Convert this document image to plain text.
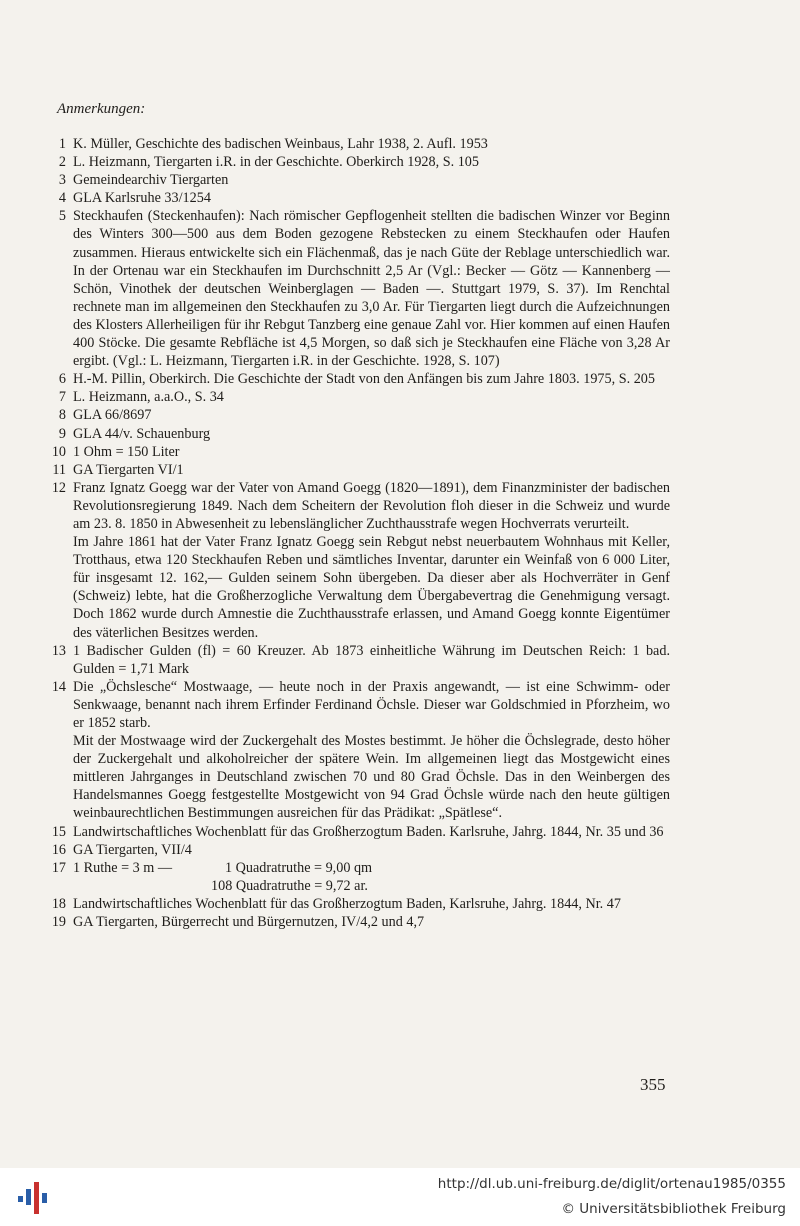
Anmerkungen:
1 K. Müller, Geschichte des badischen Weinbaus, Lahr 1938, 2. Aufl. 1953
2 L. Heizmann, Tiergarten i.R. in der Geschichte. Oberkirch 1928, S. 105
3 Gemeindearchiv Tiergarten
4 GLA Karlsruhe 33/1254
5 Steckhaufen (Steckenhaufen): Nach römischer Gepflogenheit stellten die badischen Winzer vor Beginn des Winters 300—500 aus dem Boden gezogene Rebstecken zu einem Steckhaufen oder Haufen zusammen. Hieraus entwickelte sich ein Flächenmaß, das je nach Güte der Reblage unterschiedlich war. In der Ortenau war ein Steckhaufen im Durchschnitt 2,5 Ar (Vgl.: Becker — Götz — Kannenberg — Schön, Vinothek der deutschen Weinberglagen — Baden —. Stuttgart 1979, S. 37). Im Renchtal rechnete man im allgemeinen den Steckhaufen zu 3,0 Ar. Für Tiergarten liegt durch die Aufzeichnungen des Klosters Allerheiligen für ihr Rebgut Tanzberg eine genaue Zahl vor. Hier kommen auf einen Haufen 400 Stöcke. Die gesamte Rebfläche ist 4,5 Morgen, so daß sich je Steckhaufen eine Fläche von 3,28 Ar ergibt. (Vgl.: L. Heizmann, Tiergarten i.R. in der Geschichte. 1928, S. 107)
6 H.-M. Pillin, Oberkirch. Die Geschichte der Stadt von den Anfängen bis zum Jahre 1803. 1975, S. 205
7 L. Heizmann, a.a.O., S. 34
8 GLA 66/8697
9 GLA 44/v. Schauenburg
10 1 Ohm = 150 Liter
11 GA Tiergarten VI/1
12 Franz Ignatz Goegg war der Vater von Amand Goegg (1820—1891), dem Finanzminister der badischen Revolutionsregierung 1849. Nach dem Scheitern der Revolution floh dieser in die Schweiz und wurde am 23. 8. 1850 in Abwesenheit zu lebenslänglicher Zuchthausstrafe wegen Hochverrats verurteilt.
Im Jahre 1861 hat der Vater Franz Ignatz Goegg sein Rebgut nebst neuerbautem Wohnhaus mit Keller, Trotthaus, etwa 120 Steckhaufen Reben und sämtliches Inventar, darunter ein Weinfaß von 6 000 Liter, für insgesamt 12. 162,— Gulden seinem Sohn übergeben. Da dieser aber als Hochverräter in Genf (Schweiz) lebte, hat die Großherzogliche Verwaltung dem Übergabevertrag die Genehmigung versagt. Doch 1862 wurde durch Amnestie die Zuchthausstrafe erlassen, und Amand Goegg konnte Eigentümer des väterlichen Besitzes werden.
13 1 Badischer Gulden (fl) = 60 Kreuzer. Ab 1873 einheitliche Währung im Deutschen Reich: 1 bad. Gulden = 1,71 Mark
14 Die „Öchslesche“ Mostwaage, — heute noch in der Praxis angewandt, — ist eine Schwimm- oder Senkwaage, benannt nach ihrem Erfinder Ferdinand Öchsle. Dieser war Goldschmied in Pforzheim, wo er 1852 starb.
Mit der Mostwaage wird der Zuckergehalt des Mostes bestimmt. Je höher die Öchslegrade, desto höher der Zuckergehalt und alkoholreicher der spätere Wein. Im allgemeinen liegt das Mostgewicht eines mittleren Jahrganges in Deutschland zwischen 70 und 80 Grad Öchsle. Das in den Weinbergen des Handelsmannes Goegg festgestellte Mostgewicht von 94 Grad Öchsle würde nach den heute gültigen weinbaurechtlichen Bestimmungen ausreichen für das Prädikat: „Spätlese“.
15 Landwirtschaftliches Wochenblatt für das Großherzogtum Baden. Karlsruhe, Jahrg. 1844, Nr. 35 und 36
16 GA Tiergarten, VII/4
17 1 Ruthe = 3 m —	1 Quadratruthe = 9,00 qm
108 Quadratruthe = 9,72 ar.
18 Landwirtschaftliches Wochenblatt für das Großherzogtum Baden, Karlsruhe, Jahrg. 1844, Nr. 47
19 GA Tiergarten, Bürgerrecht und Bürgernutzen, IV/4,2 und 4,7
355
http://dl.ub.uni-freiburg.de/diglit/ortenau1985/0355
© Universitätsbibliothek Freiburg
